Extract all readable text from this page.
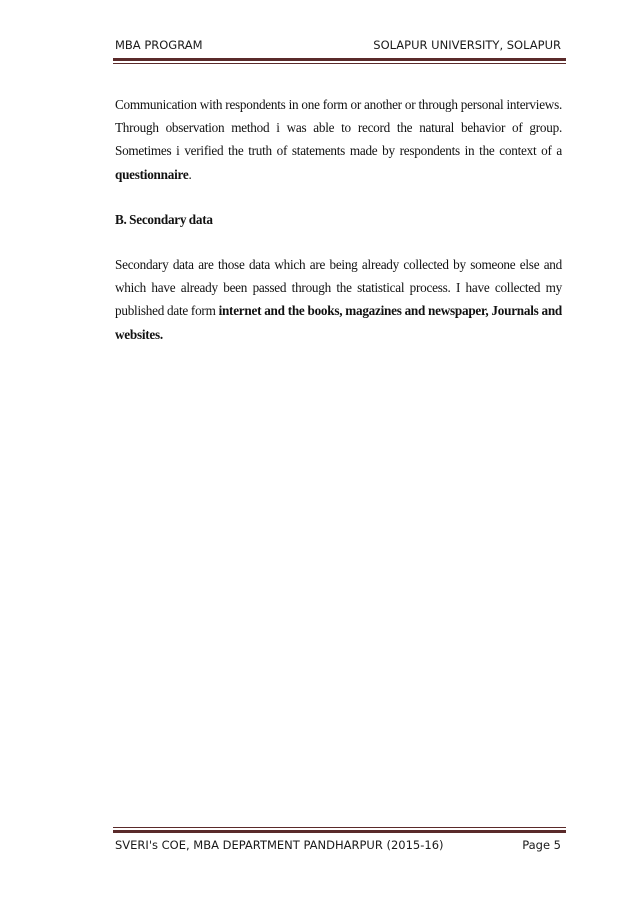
MBA PROGRAM	SOLAPUR UNIVERSITY, SOLAPUR

Communication with respondents in one form or another or through personal interviews. Through observation method i was able to record the natural behavior of group. Sometimes i verified the truth of statements made by respondents in the context of a questionnaire.

B. Secondary data

Secondary data are those data which are being already collected by someone else and which have already been passed through the statistical process. I have collected my published date form internet and the books, magazines and newspaper, Journals and websites.

SVERI's COE, MBA DEPARTMENT PANDHARPUR (2015-16)	Page 5
